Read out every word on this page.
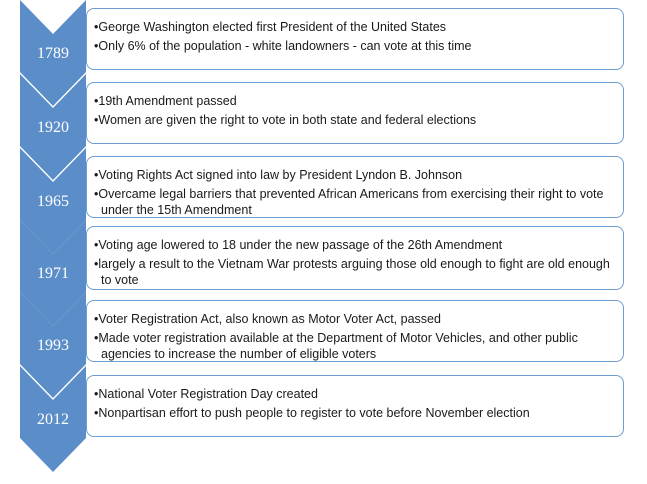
1789

•George Washington elected first President of the United States

•Only 6% of the population - white landowners - can vote at this time

1920

•19th Amendment passed

•Women are given the right to vote in both state and federal elections

1965

•Voting Rights Act signed into law by President Lyndon B. Johnson

•Overcame legal barriers that prevented African Americans from exercising their right to vote under the 15th Amendment

1971

•Voting age lowered to 18 under the new passage of the 26th Amendment

•largely a result to the Vietnam War protests arguing those old enough to fight are old enough to vote

1993

•Voter Registration Act, also known as Motor Voter Act, passed

•Made voter registration available at the Department of Motor Vehicles, and other public agencies to increase the number of eligible voters

2012

•National Voter Registration Day created

•Nonpartisan effort to push people to register to vote before November election
